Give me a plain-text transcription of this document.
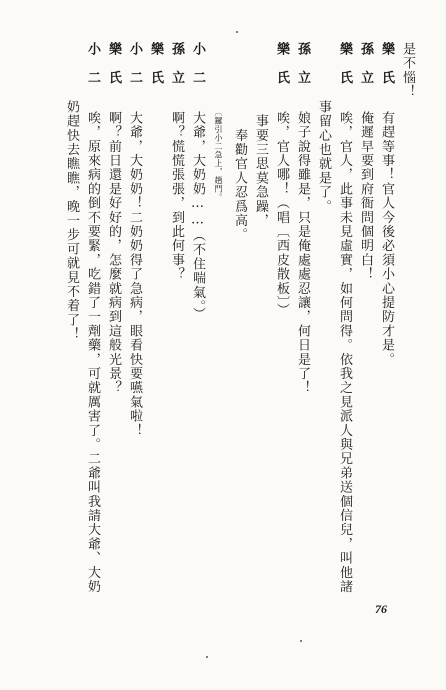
是不惱！
樂　氏 有趕等事！官人今後必須小心提防才是。
孫　立 俺遲早要到府衙問個明白！
樂　氏 唉，官人，此事未見虛實，如何問得。依我之見派人與兄弟送個信兒，叫他諸
事留心也就是了。
孫　立 娘子說得雖是，只是俺處處忍讓，何日是了！
樂　氏 唉，官人哪！（唱〔西皮散板〕）
　事要三思莫急躁，
　　奉勸官人忍爲高。
〔鑼引小二急上，趟門。
小　二 大爺，大奶奶……（不住喘氣。）
孫　立 啊？慌慌張張，到此何事？
樂　氏
小　二 大爺，大奶奶！二奶奶得了急病，眼看快要嚥氣啦！
樂　氏 啊？前日還是好好的，怎麼就病到這般光景？
小　二 唉，原來病的倒不要緊，吃錯了一劑藥，可就厲害了。二爺叫我請大爺、大奶
奶趕快去瞧瞧，晚一步可就見不着了！
76
